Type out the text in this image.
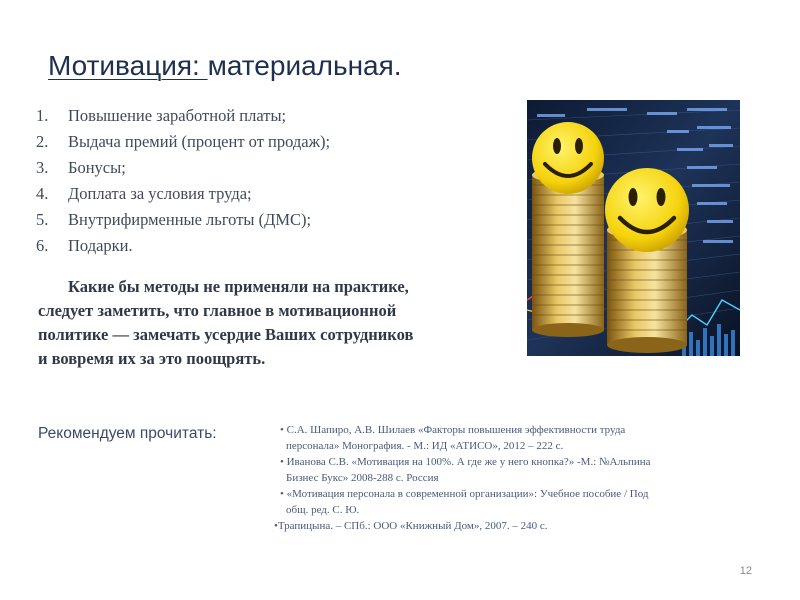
Мотивация: материальная.
1. Повышение заработной платы;
2. Выдача премий (процент от продаж);
3. Бонусы;
4. Доплата за условия труда;
5. Внутрифирменные льготы (ДМС);
6. Подарки.
Какие бы методы не применяли на практике,
следует заметить, что главное в мотивационной
политике — замечать усердие Ваших сотрудников
и вовремя их за это поощрять.
Рекомендуем прочитать:	• С.А. Шапиро, А.В. Шилаев «Факторы повышения эффективности труда
персонала» Монография. - М.: ИД «АТИСО», 2012 – 222 с.
• Иванова С.В. «Мотивация на 100%. А где же у него кнопка?» -М.: №Альпина
Бизнес Букс» 2008-288 с. Россия
• «Мотивация персонала в современной организации»: Учебное пособие / Под
общ. ред. С. Ю.
•Трапицына. – СПб.: ООО «Книжный Дом», 2007. – 240 с.
12
